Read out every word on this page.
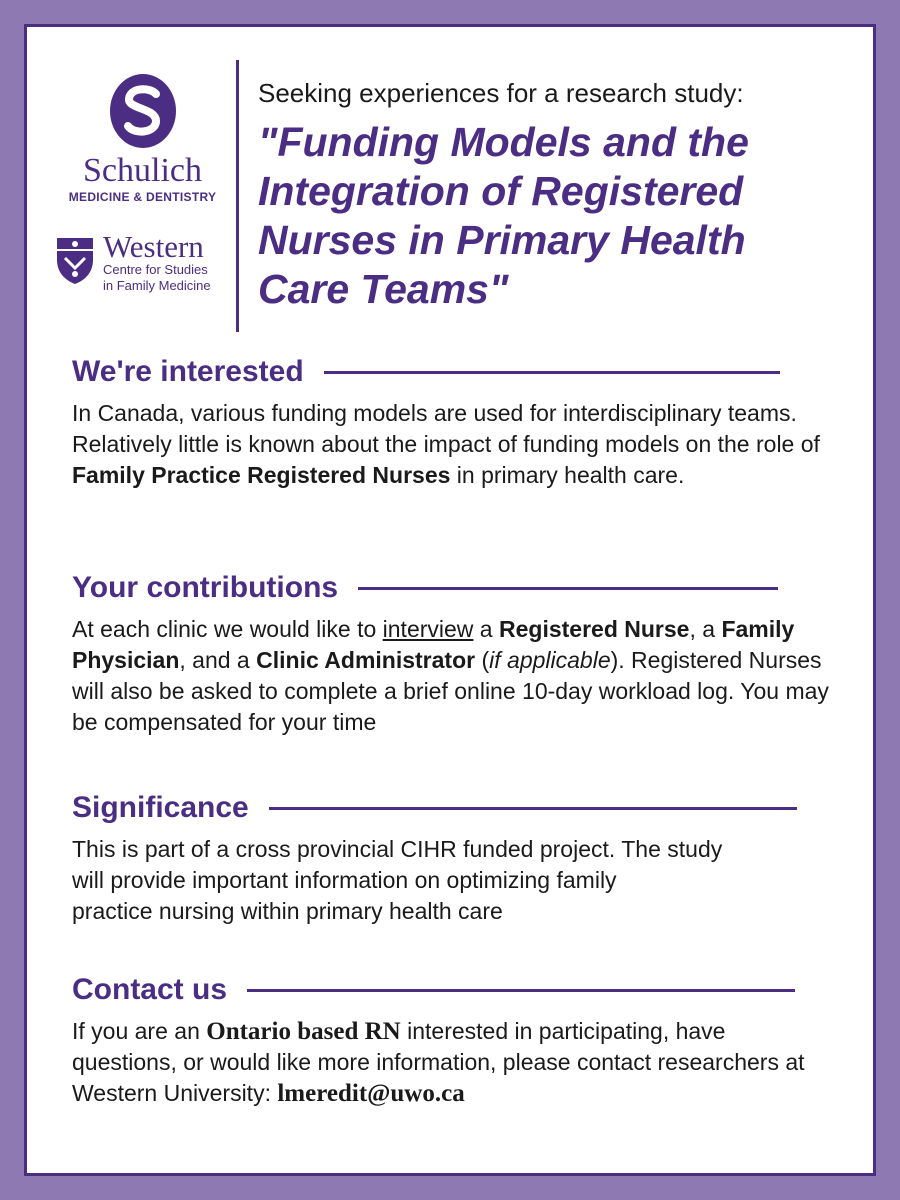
Schulich
MEDICINE & DENTISTRY
Western
Centre for Studies
in Family Medicine
Seeking experiences for a research study:
"Funding Models and the
Integration of Registered
Nurses in Primary Health
Care Teams"
We're interested
In Canada, various funding models are used for interdisciplinary teams. Relatively little is known about the impact of funding models on the role of Family Practice Registered Nurses in primary health care.
Your contributions
At each clinic we would like to interview a Registered Nurse, a Family Physician, and a Clinic Administrator (if applicable). Registered Nurses will also be asked to complete a brief online 10-day workload log. You may be compensated for your time
Significance
This is part of a cross provincial CIHR funded project. The study
will provide important information on optimizing family
practice nursing within primary health care
Contact us
If you are an Ontario based RN interested in participating, have questions, or would like more information, please contact researchers at Western University: lmeredit@uwo.ca
